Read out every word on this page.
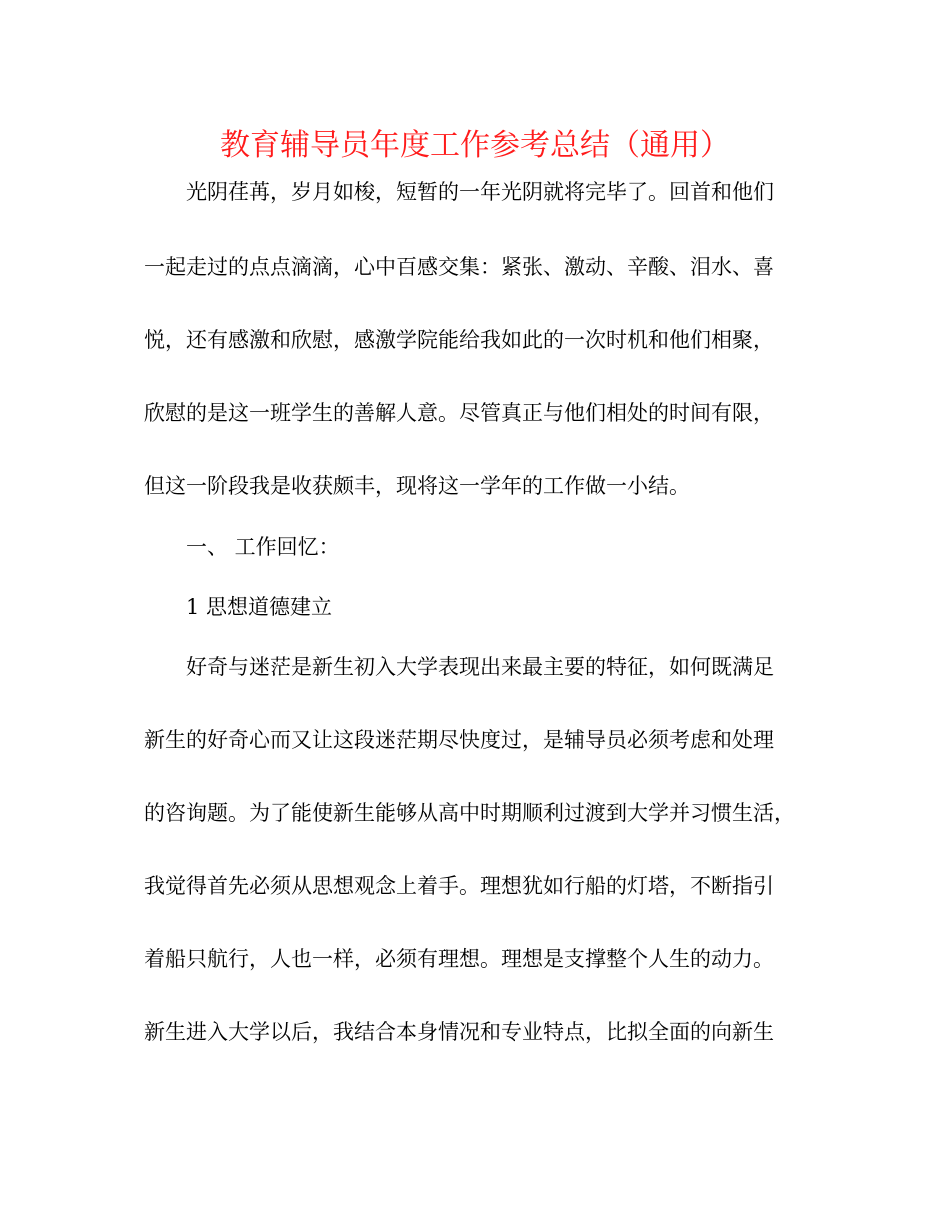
教育辅导员年度工作参考总结（通用）

光阴荏苒，岁月如梭，短暂的一年光阴就将完毕了。回首和他们

一起走过的点点滴滴，心中百感交集：紧张、激动、辛酸、泪水、喜

悦，还有感激和欣慰，感激学院能给我如此的一次时机和他们相聚，

欣慰的是这一班学生的善解人意。尽管真正与他们相处的时间有限，

但这一阶段我是收获颇丰，现将这一学年的工作做一小结。

一、 工作回忆：

1 思想道德建立

好奇与迷茫是新生初入大学表现出来最主要的特征，如何既满足

新生的好奇心而又让这段迷茫期尽快度过，是辅导员必须考虑和处理

的咨询题。为了能使新生能够从高中时期顺利过渡到大学并习惯生活，

我觉得首先必须从思想观念上着手。理想犹如行船的灯塔，不断指引

着船只航行，人也一样，必须有理想。理想是支撑整个人生的动力。

新生进入大学以后，我结合本身情况和专业特点，比拟全面的向新生
